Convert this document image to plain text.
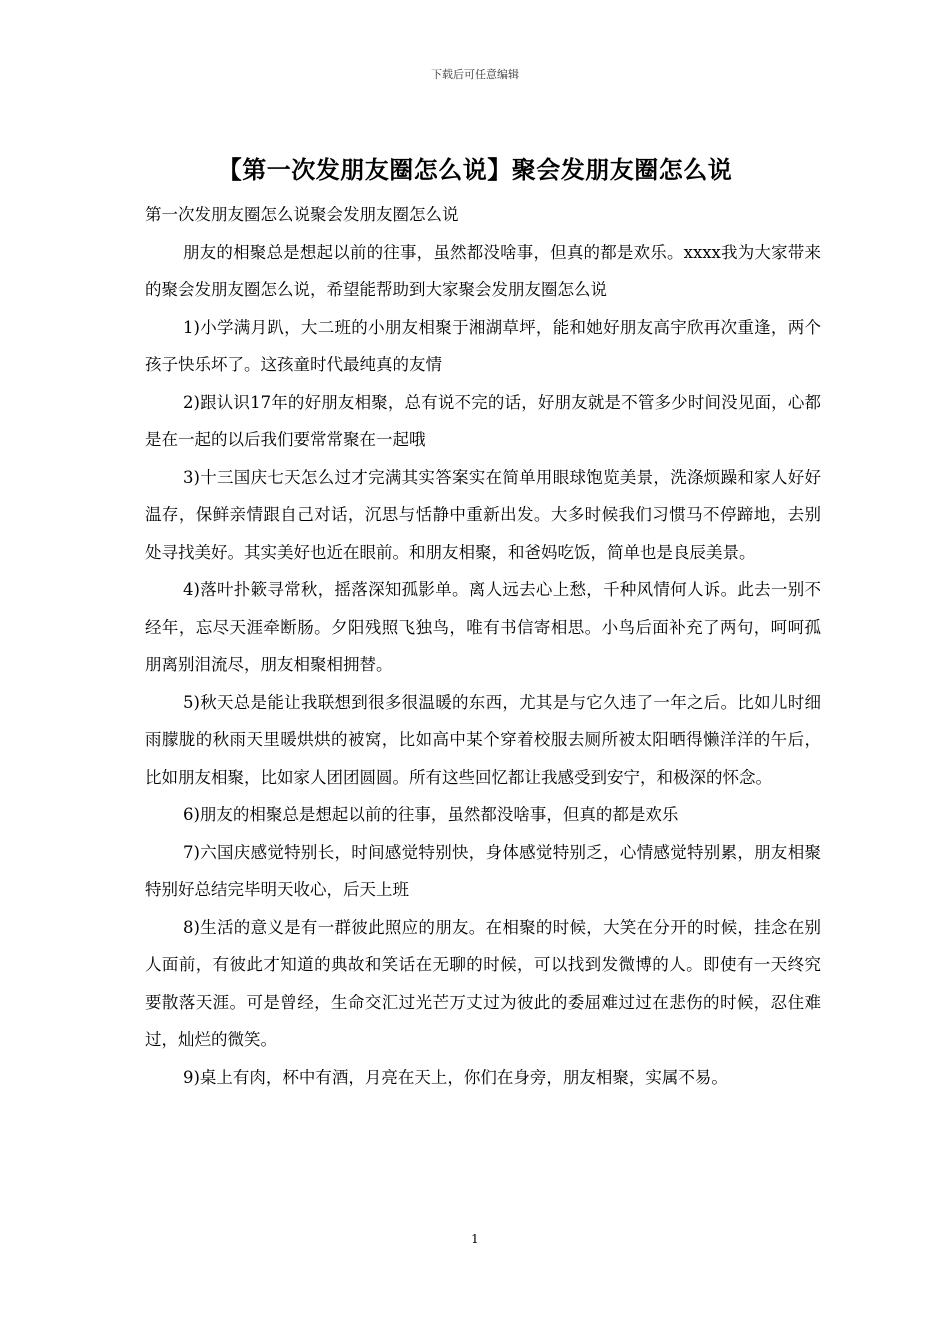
下载后可任意编辑
【第一次发朋友圈怎么说】聚会发朋友圈怎么说

第一次发朋友圈怎么说聚会发朋友圈怎么说

朋友的相聚总是想起以前的往事，虽然都没啥事，但真的都是欢乐。xxxx我为大家带来的聚会发朋友圈怎么说，希望能帮助到大家聚会发朋友圈怎么说

1)小学满月趴，大二班的小朋友相聚于湘湖草坪，能和她好朋友高宇欣再次重逢，两个孩子快乐坏了。这孩童时代最纯真的友情

2)跟认识17年的好朋友相聚，总有说不完的话，好朋友就是不管多少时间没见面，心都是在一起的以后我们要常常聚在一起哦

3)十三国庆七天怎么过才完满其实答案实在简单用眼球饱览美景，洗涤烦躁和家人好好温存，保鲜亲情跟自己对话，沉思与恬静中重新出发。大多时候我们习惯马不停蹄地，去别处寻找美好。其实美好也近在眼前。和朋友相聚，和爸妈吃饭，简单也是良辰美景。

4)落叶扑簌寻常秋，摇落深知孤影单。离人远去心上愁，千种风情何人诉。此去一别不经年，忘尽天涯牵断肠。夕阳残照飞独鸟，唯有书信寄相思。小鸟后面补充了两句，呵呵孤朋离别泪流尽，朋友相聚相拥替。

5)秋天总是能让我联想到很多很温暖的东西，尤其是与它久违了一年之后。比如儿时细雨朦胧的秋雨天里暖烘烘的被窝，比如高中某个穿着校服去厕所被太阳晒得懒洋洋的午后，比如朋友相聚，比如家人团团圆圆。所有这些回忆都让我感受到安宁，和极深的怀念。

6)朋友的相聚总是想起以前的往事，虽然都没啥事，但真的都是欢乐

7)六国庆感觉特别长，时间感觉特别快，身体感觉特别乏，心情感觉特别累，朋友相聚特别好总结完毕明天收心，后天上班

8)生活的意义是有一群彼此照应的朋友。在相聚的时候，大笑在分开的时候，挂念在别人面前，有彼此才知道的典故和笑话在无聊的时候，可以找到发微博的人。即使有一天终究要散落天涯。可是曾经，生命交汇过光芒万丈过为彼此的委屈难过过在悲伤的时候，忍住难过，灿烂的微笑。

9)桌上有肉，杯中有酒，月亮在天上，你们在身旁，朋友相聚，实属不易。

1
